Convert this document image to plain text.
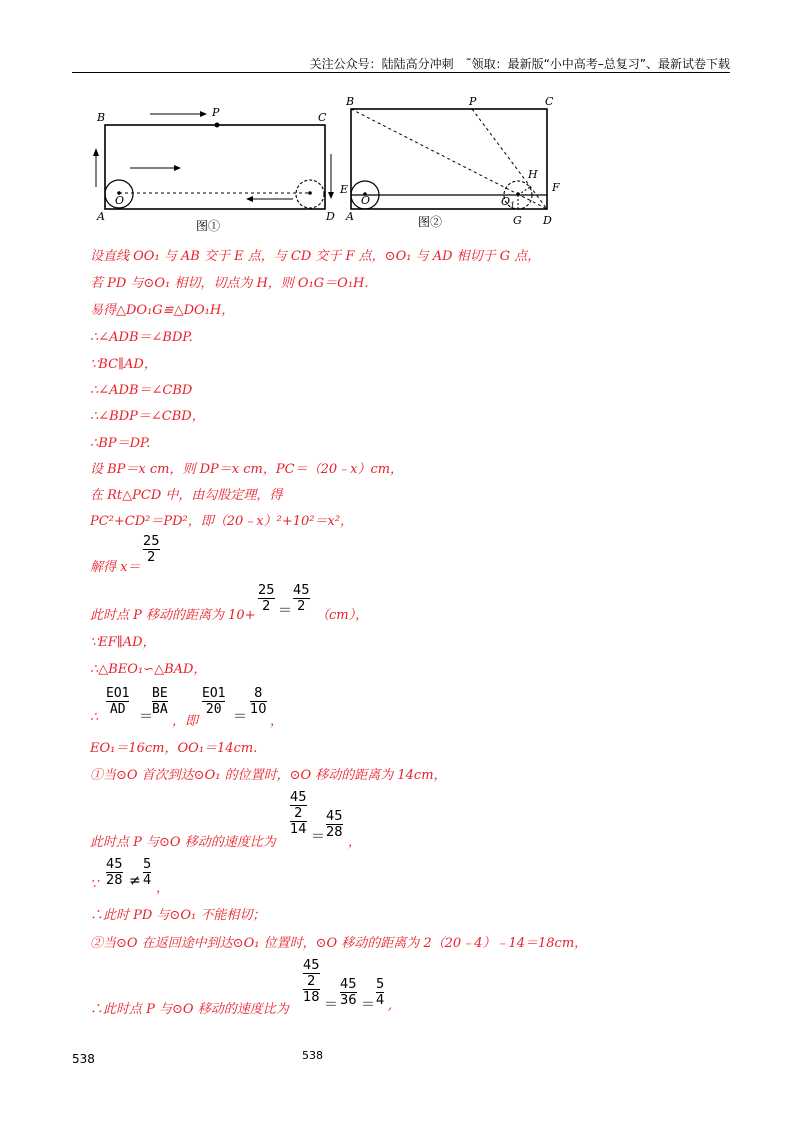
关注公众号：陆陆高分冲刺　˜领取：最新版“小中高考–总复习”、最新试卷下载
B	P	C
A
O
D
图①
B	P	C
E
H
F
A
O	$O_1$
G D
图②
设直线 OO₁ 与 AB 交于 E 点，与 CD 交于 F 点，⊙O₁ 与 AD 相切于 G 点，
若 PD 与⊙O₁ 相切，切点为 H，则 O₁G＝O₁H.
易得△DO₁G≌△DO₁H，
∴∠ADB＝∠BDP.
∵BC∥AD，
∴∠ADB＝∠CBD
∴∠BDP＝∠CBD，
∴BP＝DP.
设 BP＝x cm，则 DP＝x cm，PC＝（20﹣x）cm，
在 Rt△PCD 中，由勾股定理，得
PC²+CD²＝PD²，即（20﹣x）²+10²＝x²，
解得 x＝
25
2
此时点 P 移动的距离为 10+
25
2 ＝
45
2
（cm），
∵EF∥AD，
∴△BEO₁∽△BAD，
∴
EO1
AD ＝
BE
BA
，即
EO1
20 ＝
8
10
，
EO₁＝16cm，OO₁＝14cm.
①当⊙O 首次到达⊙O₁ 的位置时，⊙O 移动的距离为 14cm，
此时点 P 与⊙O 移动的速度比为
45
2
14 ＝
45
28
，
∵
45
28 ≠
5
4
，
∴此时 PD 与⊙O₁ 不能相切；
②当⊙O 在返回途中到达⊙O₁ 位置时，⊙O 移动的距离为 2（20﹣4）﹣14＝18cm，
∴此时点 P 与⊙O 移动的速度比为
45
2
18 ＝
45
36 ＝
5
4 ,
538	538
